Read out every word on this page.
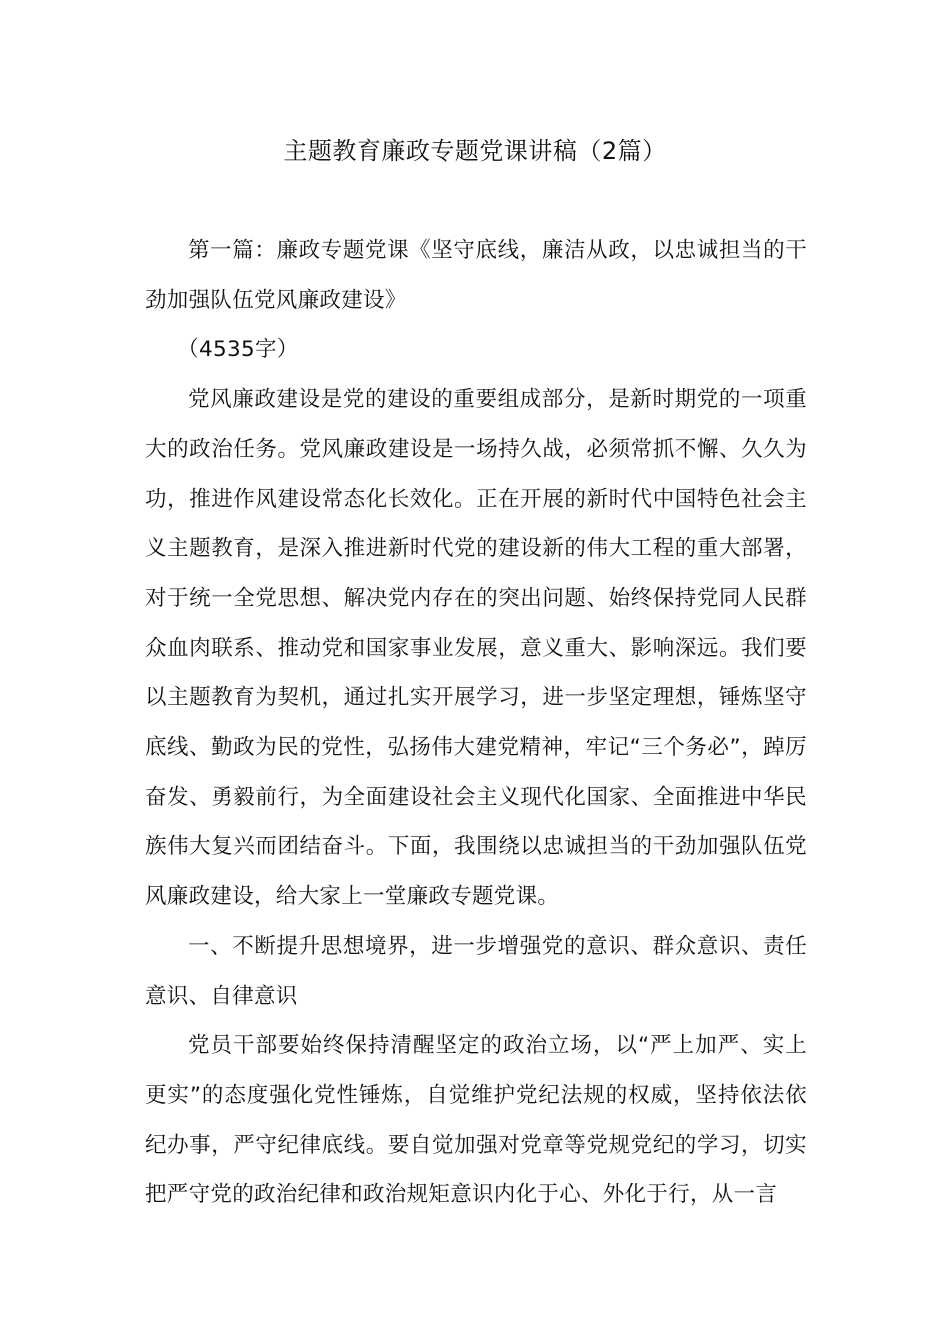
主题教育廉政专题党课讲稿（2篇）

第一篇：廉政专题党课《坚守底线，廉洁从政，以忠诚担当的干劲加强队伍党风廉政建设》

（4535字）

党风廉政建设是党的建设的重要组成部分，是新时期党的一项重大的政治任务。党风廉政建设是一场持久战，必须常抓不懈、久久为功，推进作风建设常态化长效化。正在开展的新时代中国特色社会主义主题教育，是深入推进新时代党的建设新的伟大工程的重大部署，对于统一全党思想、解决党内存在的突出问题、始终保持党同人民群众血肉联系、推动党和国家事业发展，意义重大、影响深远。我们要以主题教育为契机，通过扎实开展学习，进一步坚定理想，锤炼坚守底线、勤政为民的党性，弘扬伟大建党精神，牢记“三个务必”，踔厉奋发、勇毅前行，为全面建设社会主义现代化国家、全面推进中华民族伟大复兴而团结奋斗。下面，我围绕以忠诚担当的干劲加强队伍党风廉政建设，给大家上一堂廉政专题党课。

一、不断提升思想境界，进一步增强党的意识、群众意识、责任意识、自律意识

党员干部要始终保持清醒坚定的政治立场，以“严上加严、实上更实”的态度强化党性锤炼，自觉维护党纪法规的权威，坚持依法依纪办事，严守纪律底线。要自觉加强对党章等党规党纪的学习，切实把严守党的政治纪律和政治规矩意识内化于心、外化于行，从一言
